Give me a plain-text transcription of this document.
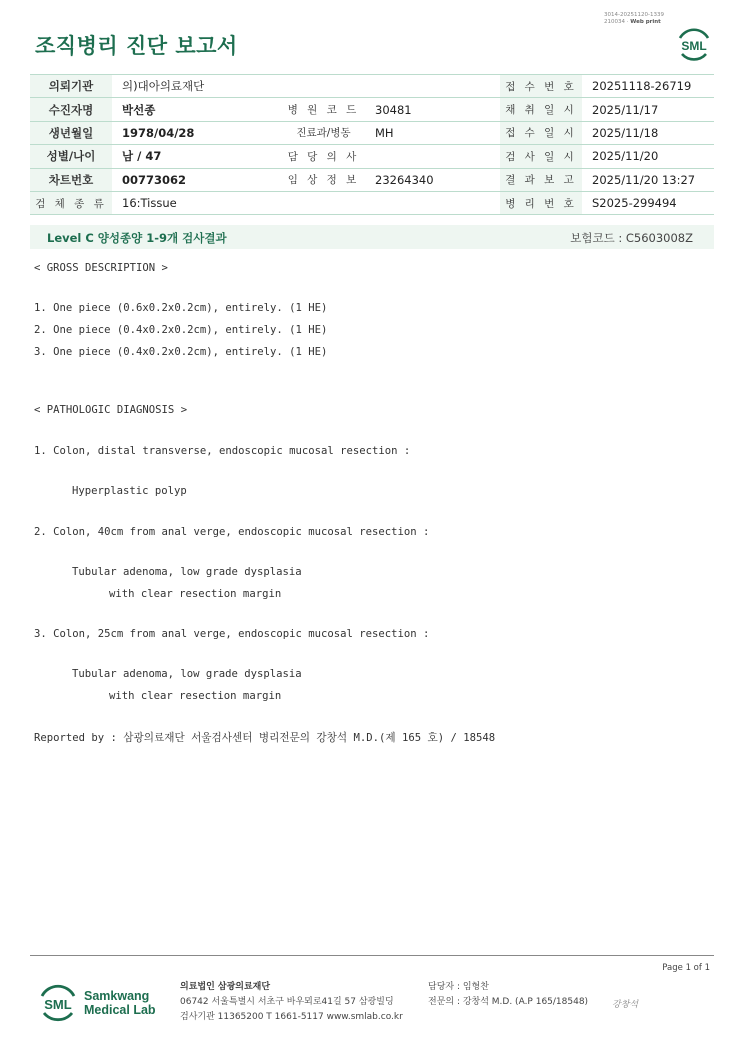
3014-20251120-1339
210034 · Web print
조직병리 진단 보고서	SML
의뢰기관	의)대아의료재단			접 수 번 호	20251118-26719
수진자명	박선종	병 원 코 드	30481	채 취 일 시	2025/11/17
생년월일	1978/04/28	진료과/병동	MH	접 수 일 시	2025/11/18
성별/나이	남 / 47	담 당 의 사		검 사 일 시	2025/11/20
차트번호	00773062	임 상 정 보	23264340	결 과 보 고	2025/11/20 13:27
검 체 종 류	16:Tissue			병 리 번 호	S2025-299494
Level C 양성종양 1-9개 검사결과	보험코드 : C5603008Z
< GROSS DESCRIPTION >
1. One piece (0.6x0.2x0.2cm), entirely. (1 HE)
2. One piece (0.4x0.2x0.2cm), entirely. (1 HE)
3. One piece (0.4x0.2x0.2cm), entirely. (1 HE)
< PATHOLOGIC DIAGNOSIS >
1. Colon, distal transverse, endoscopic mucosal resection :
Hyperplastic polyp
2. Colon, 40cm from anal verge, endoscopic mucosal resection :
Tubular adenoma, low grade dysplasia
with clear resection margin
3. Colon, 25cm from anal verge, endoscopic mucosal resection :
Tubular adenoma, low grade dysplasia
with clear resection margin
Reported by : 삼광의료재단 서울검사센터 병리전문의 강창석 M.D.(제 165 호) / 18548
Page 1 of 1
SML
Samkwang
Medical Lab
의료법인 삼광의료재단
06742 서울특별시 서초구 바우뫼로41길 57 삼광빌딩
검사기관 11365200 T 1661-5117 www.smlab.co.kr
담당자 : 임형찬
전문의 : 강창석 M.D. (A.P 165/18548)	강창석
